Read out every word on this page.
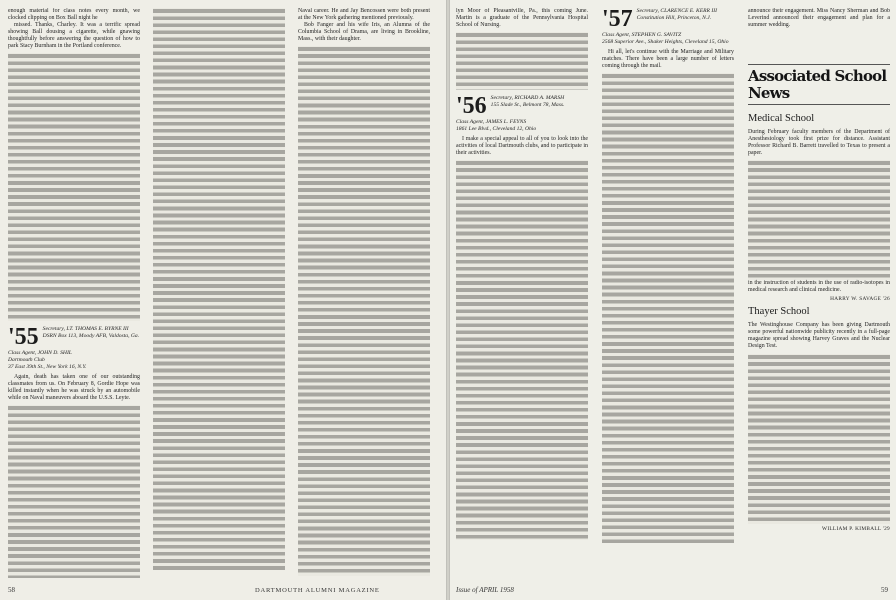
enough material for class notes every month, we clocked clipping on Box Ball night he

missed. Thanks, Charley. It was a terrific spread showing Ball dousing a cigarette, while gnawing thoughtfully before answering the question of how to park Stacy Burnham in the Portland conference.

'55 Secretary, LT. THOMAS E. BYRNE III
DSRN Box 113, Moody AFB, Valdosta, Ga.
Class Agent, JOHN D. SHIL
Dartmouth Club
37 East 39th St., New York 16, N.Y.

Again, death has taken one of our outstanding classmates from us. On February 8, Gordie Hope was killed instantly when he was struck by an automobile while on Naval maneuvers aboard the U.S.S. Leyte.

Naval career. He and Jay Bencossen were both present at the New York gathering mentioned previously.

Bob Fanger and his wife Iris, an Alumna of the Columbia School of Drama, are living in Brookline, Mass., with their daughter.

58	DARTMOUTH ALUMNI MAGAZINE

lyn Moor of Pleasantville, Pa., this coming June. Martin is a graduate of the Pennsylvania Hospital School of Nursing.

'56 Secretary, RICHARD A. MARSH
155 Slade St., Belmont 78, Mass.
Class Agent, JAMES L. FEYNS
1861 Lee Blvd., Cleveland 12, Ohio

I make a special appeal to all of you to look into the activities of local Dartmouth clubs, and to participate in their activities.

'57 Secretary, CLARENCE E. KERR III
Constitution Hill, Princeton, N.J.
Class Agent, STEPHEN G. SAVITZ
2568 Superior Ave., Shaker Heights, Cleveland 15, Ohio

Hi all, let's continue with the Marriage and Military matches. There have been a large number of letters coming through the mail.

announce their engagement. Miss Nancy Sherman and Bob Leverind announced their engagement and plan for a summer wedding.

Associated School News
Medical School

During February faculty members of the Department of Anesthesiology took first prize for distance. Assistant Professor Richard B. Barrett travelled to Texas to present a paper.

in the instruction of students in the use of radio-isotopes in medical research and clinical medicine.

HARRY W. SAVAGE '26
Thayer School

The Westinghouse Company has been giving Dartmouth some powerful nationwide publicity recently in a full-page magazine spread showing Harvey Graves and the Nuclear Design Test.

WILLIAM P. KIMBALL '29
Issue of APRIL 1958	59
